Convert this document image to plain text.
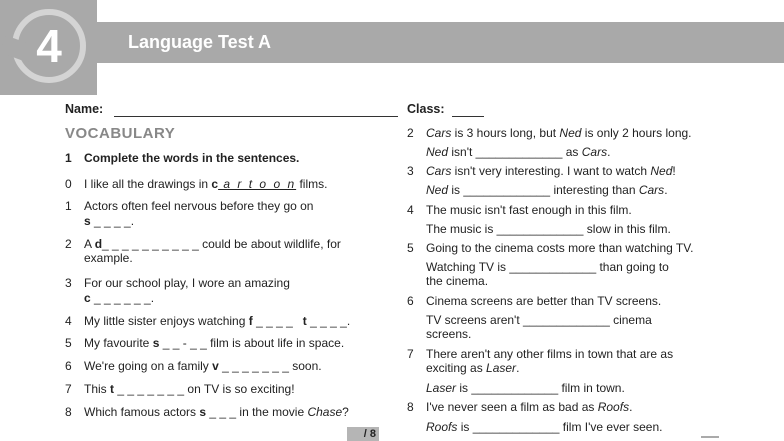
4	Language Test A
Name:	Class:
VOCABULARY
1 Complete the words in the sentences.
0 I like all the drawings in c a r t o o n films.
1 Actors often feel nervous before they go on
s _ _ _ _.
2 A d_ _ _ _ _ _ _ _ _ _ could be about wildlife, for
example.
3 For our school play, I wore an amazing
c _ _ _ _ _ _.
4 My little sister enjoys watching f _ _ _ _   t _ _ _ _.
5 My favourite s _ _ - _ _ film is about life in space.
6 We're going on a family v _ _ _ _ _ _ _ soon.
7 This t _ _ _ _ _ _ _ on TV is so exciting!
8 Which famous actors s _ _ _ in the movie Chase?
2 Cars is 3 hours long, but Ned is only 2 hours long.
Ned isn't _____________ as Cars.
3 Cars isn't very interesting. I want to watch Ned!
Ned is _____________ interesting than Cars.
4 The music isn't fast enough in this film.
The music is _____________ slow in this film.
5 Going to the cinema costs more than watching TV.
Watching TV is _____________ than going to
the cinema.
6 Cinema screens are better than TV screens.
TV screens aren't _____________ cinema
screens.
7 There aren't any other films in town that are as
exciting as Laser.
Laser is _____________ film in town.
8 I've never seen a film as bad as Roofs.
Roofs is _____________ film I've ever seen.
/ 8
